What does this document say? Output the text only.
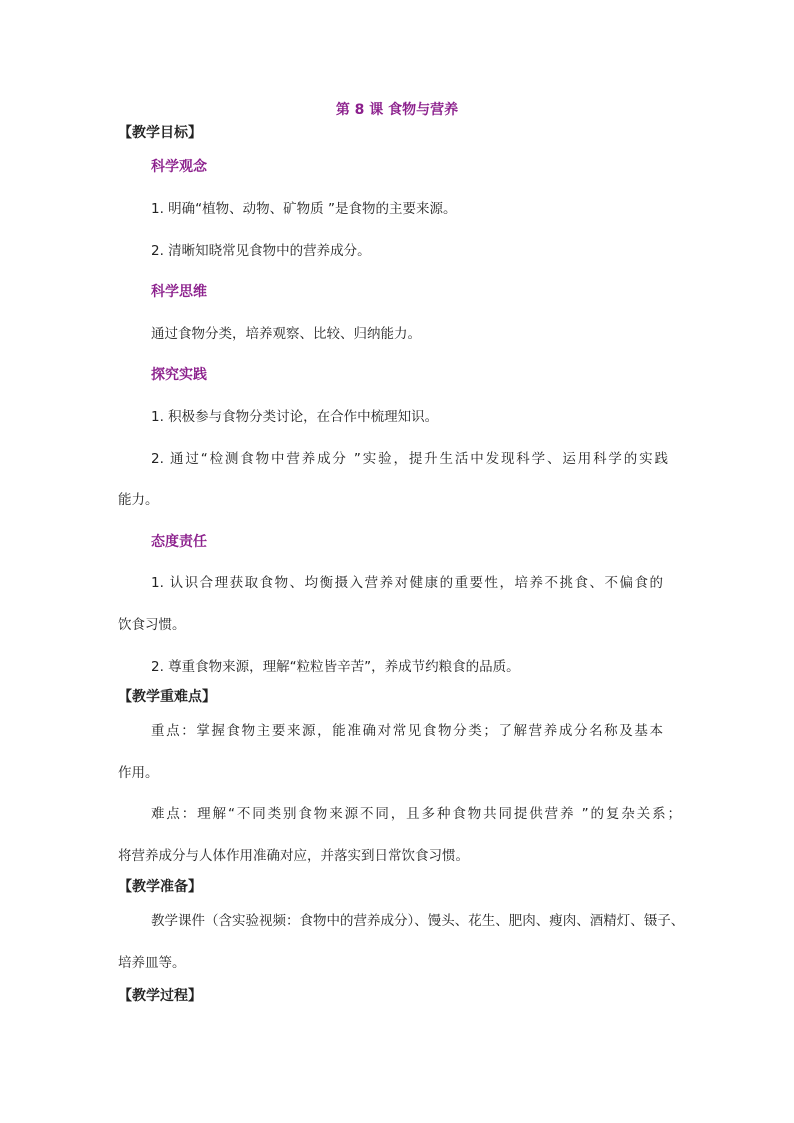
第 8 课 食物与营养
【教学目标】
科学观念
1. 明确“植物、动物、矿物质 ”是食物的主要来源。
2. 清晰知晓常见食物中的营养成分。
科学思维
通过食物分类，培养观察、比较、归纳能力。
探究实践
1. 积极参与食物分类讨论，在合作中梳理知识。
2. 通过“检测食物中营养成分 ”实验，提升生活中发现科学、运用科学的实践
能力。
态度责任
1. 认识合理获取食物、均衡摄入营养对健康的重要性，培养不挑食、不偏食的
饮食习惯。
2. 尊重食物来源，理解“粒粒皆辛苦”，养成节约粮食的品质。
【教学重难点】
重点：掌握食物主要来源，能准确对常见食物分类；了解营养成分名称及基本
作用。
难点：理解“不同类别食物来源不同，且多种食物共同提供营养 ”的复杂关系；
将营养成分与人体作用准确对应，并落实到日常饮食习惯。
【教学准备】
教学课件（含实验视频：食物中的营养成分）、馒头、花生、肥肉、瘦肉、酒精灯、镊子、
培养皿等。
【教学过程】
